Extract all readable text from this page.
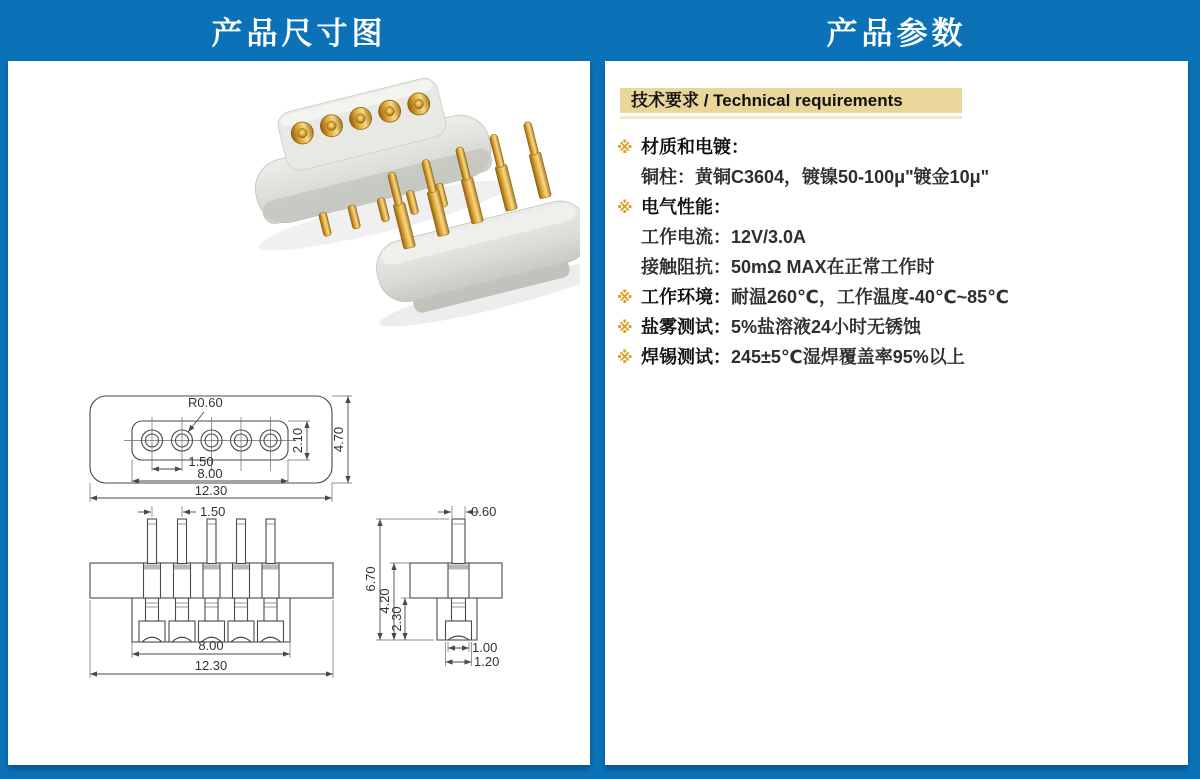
产品尺寸图	产品参数
R0.60
2.10 4.70
1.50
8.00
12.30
1.50
8.00
12.30
0.60
6.70
4.20
2.30
1.00
1.20
技术要求 / Technical requirements
※ 材质和电镀：
铜柱：黄铜C3604，镀镍50-100μ"镀金10μ"
※ 电气性能：
工作电流：12V/3.0A
接触阻抗：50mΩ MAX在正常工作时
※ 工作环境： 耐温260℃，工作温度-40℃~85℃
※ 盐雾测试： 5%盐溶液24小时无锈蚀
※ 焊锡测试： 245±5℃湿焊覆盖率95%以上
